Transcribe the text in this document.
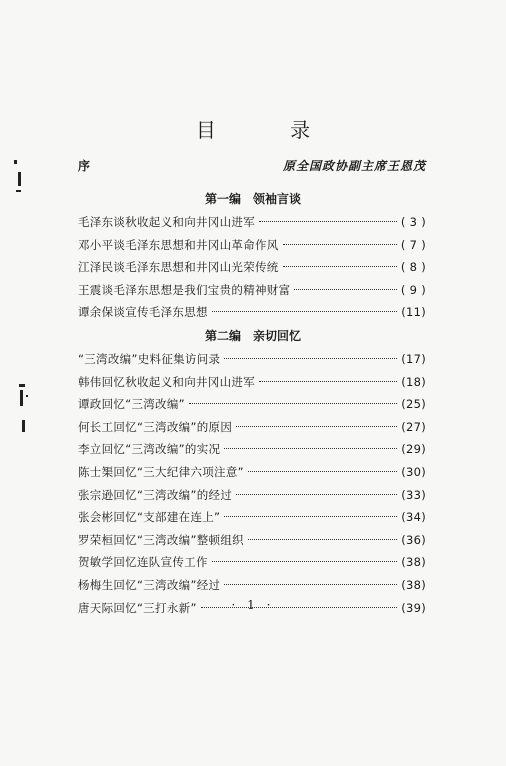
目 录
序	原全国政协副主席王恩茂
第一编　领袖言谈
毛泽东谈秋收起义和向井冈山进军	( 3 )
邓小平谈毛泽东思想和井冈山革命作风	( 7 )
江泽民谈毛泽东思想和井冈山光荣传统	( 8 )
王震谈毛泽东思想是我们宝贵的精神财富	( 9 )
谭余保谈宣传毛泽东思想	(11)
第二编　亲切回忆
“三湾改编”史料征集访问录	(17)
韩伟回忆秋收起义和向井冈山进军	(18)
谭政回忆“三湾改编”	(25)
何长工回忆“三湾改编”的原因	(27)
李立回忆“三湾改编”的实况	(29)
陈士榘回忆“三大纪律六项注意”	(30)
张宗逊回忆“三湾改编”的经过	(33)
张会彬回忆“支部建在连上”	(34)
罗荣桓回忆“三湾改编”整顿组织	(36)
贺敏学回忆连队宣传工作	(38)
杨梅生回忆“三湾改编”经过	(38)
唐天际回忆“三打永新”	(39)
· 1 ·
